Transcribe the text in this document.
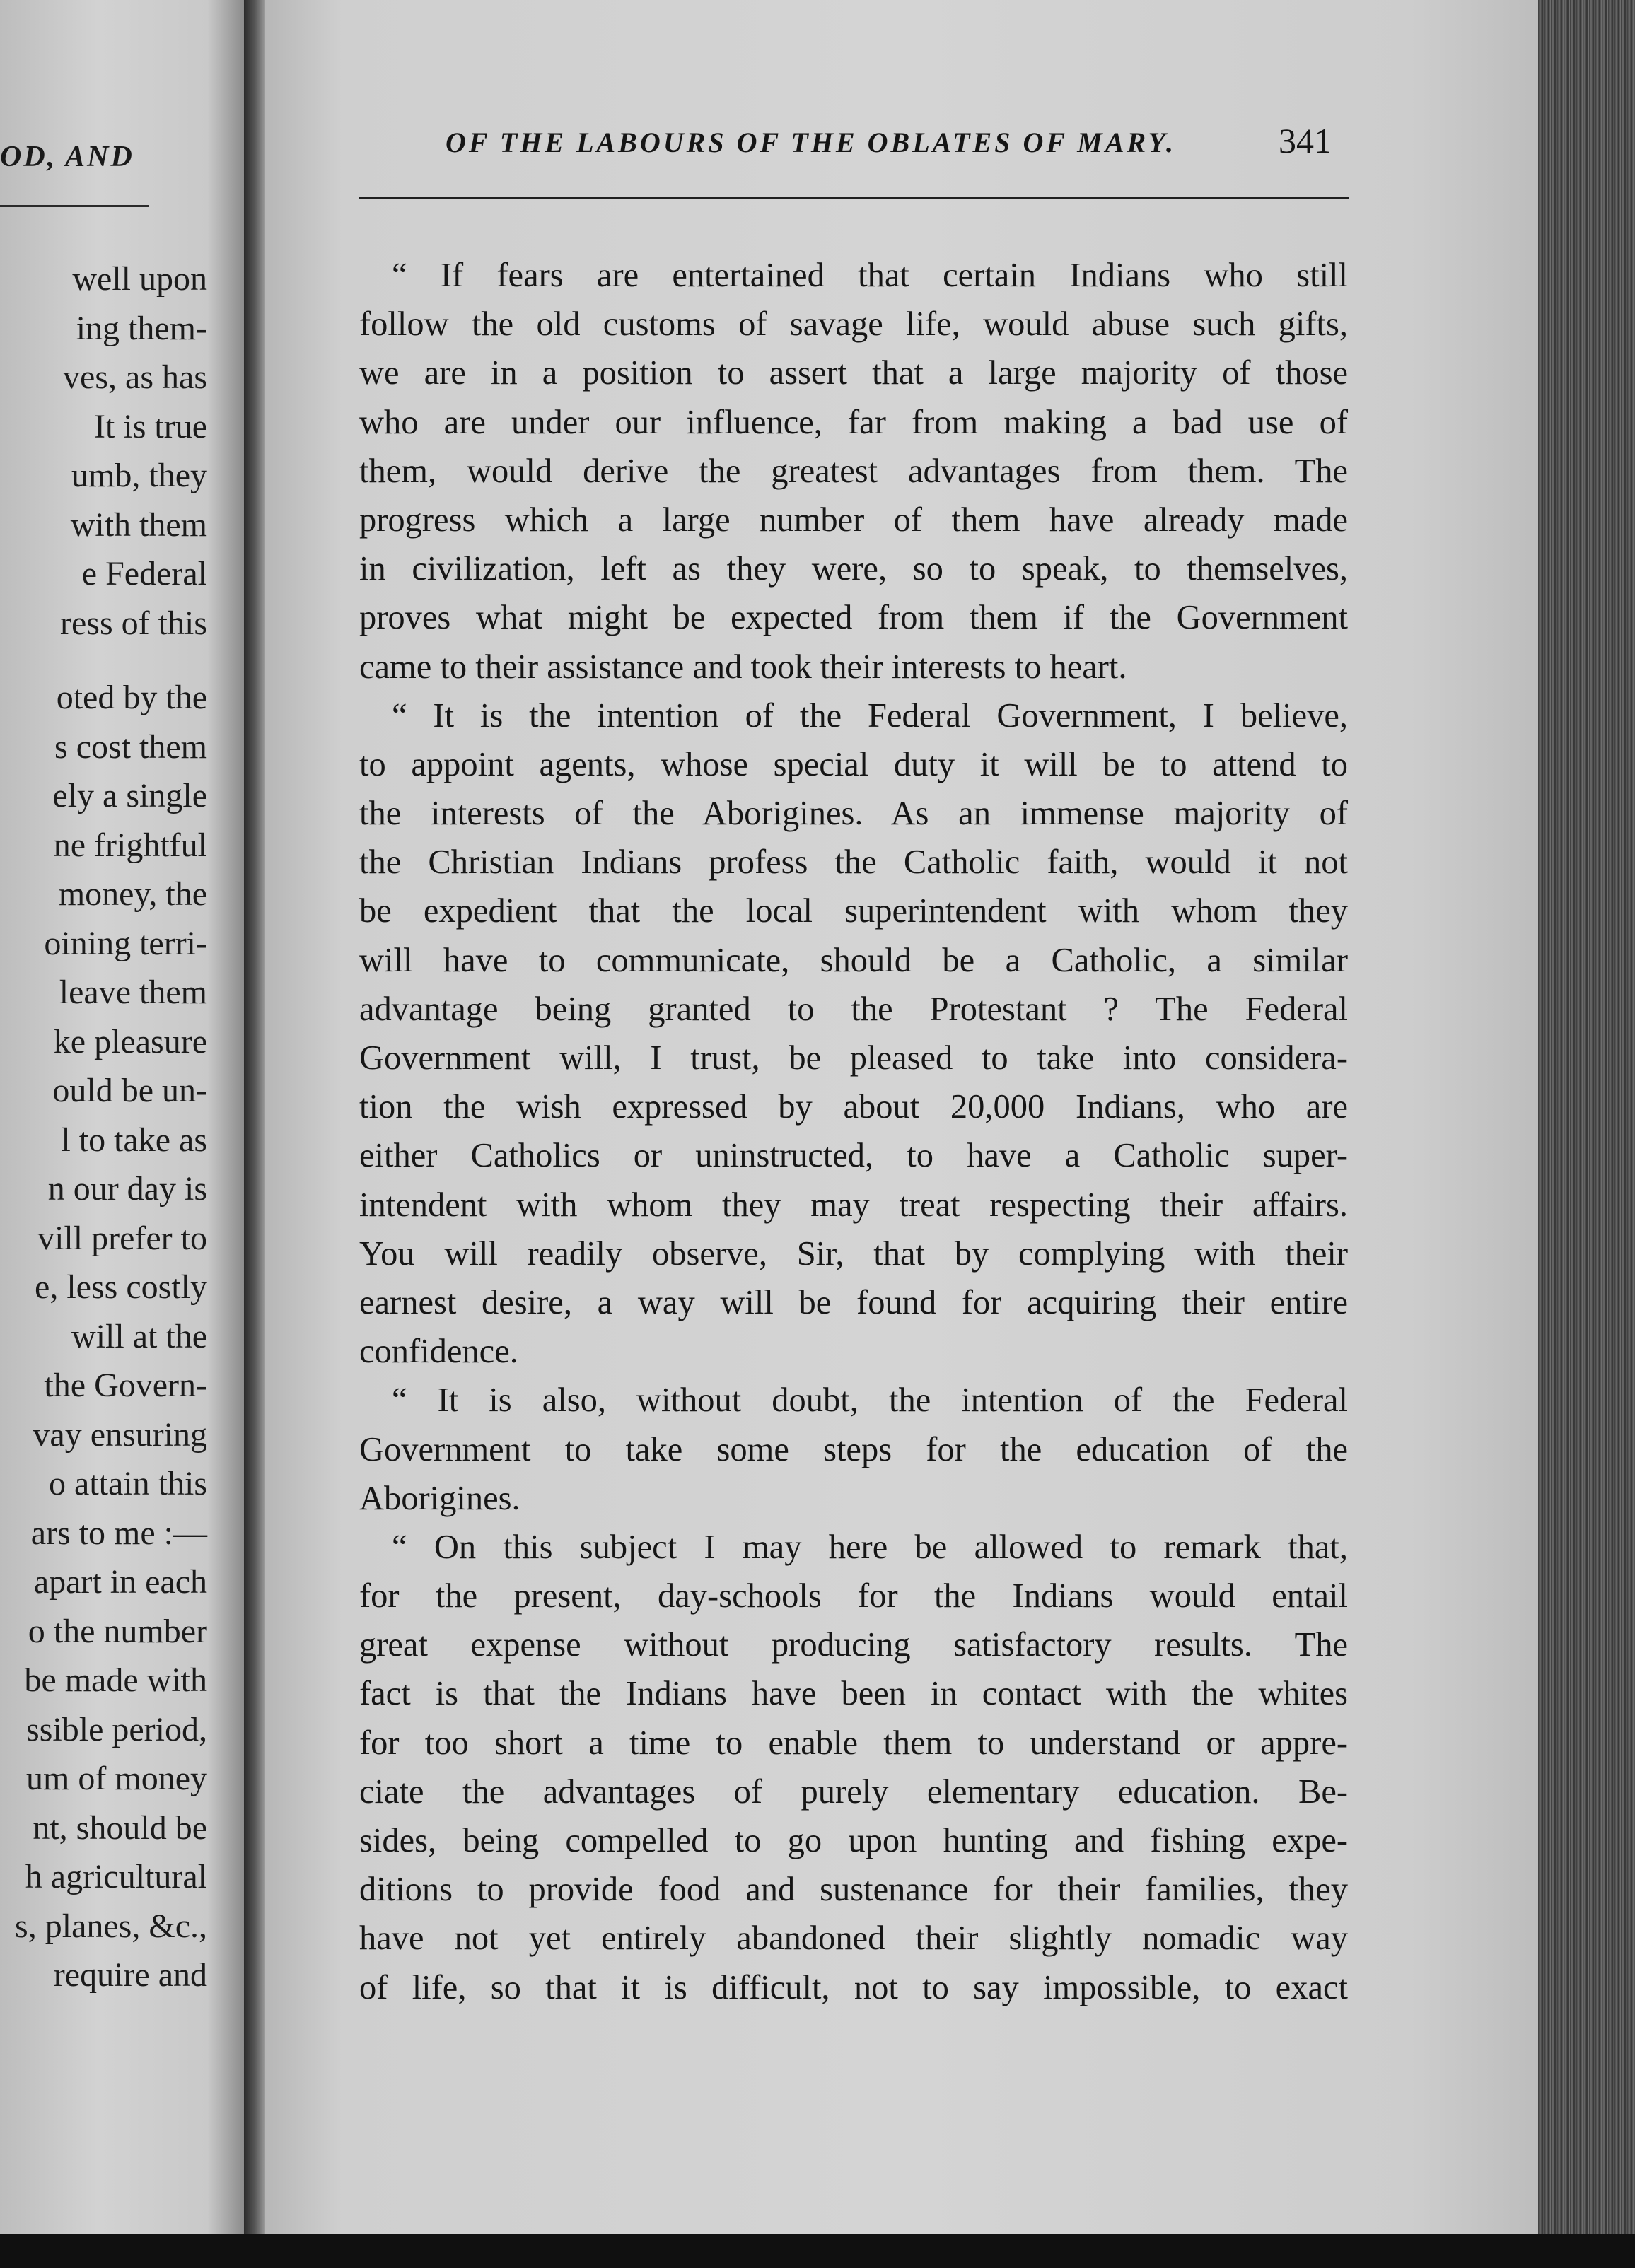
OD, AND
well upon
ing them-
ves, as has
It is true
umb, they
with them
e Federal
ress of this
oted by the
s cost them
ely a single
ne frightful
money, the
oining terri-
leave them
ke pleasure
ould be un-
l to take as
n our day is
vill prefer to
e, less costly
will at the
the Govern-
vay ensuring
o attain this
ars to me :—
apart in each
o the number
be made with
ssible period,
um of money
nt, should be
h agricultural
s, planes, &c.,
require and
OF THE LABOURS OF THE OBLATES OF MARY.	341
“ If fears are entertained that certain Indians who still
follow the old customs of savage life, would abuse such gifts,
we are in a position to assert that a large majority of those
who are under our influence, far from making a bad use of
them, would derive the greatest advantages from them. The
progress which a large number of them have already made
in civilization, left as they were, so to speak, to themselves,
proves what might be expected from them if the Government
came to their assistance and took their interests to heart.
“ It is the intention of the Federal Government, I believe,
to appoint agents, whose special duty it will be to attend to
the interests of the Aborigines. As an immense majority of
the Christian Indians profess the Catholic faith, would it not
be expedient that the local superintendent with whom they
will have to communicate, should be a Catholic, a similar
advantage being granted to the Protestant ? The Federal
Government will, I trust, be pleased to take into considera-
tion the wish expressed by about 20,000 Indians, who are
either Catholics or uninstructed, to have a Catholic super-
intendent with whom they may treat respecting their affairs.
You will readily observe, Sir, that by complying with their
earnest desire, a way will be found for acquiring their entire
confidence.
“ It is also, without doubt, the intention of the Federal
Government to take some steps for the education of the
Aborigines.
“ On this subject I may here be allowed to remark that,
for the present, day-schools for the Indians would entail
great expense without producing satisfactory results. The
fact is that the Indians have been in contact with the whites
for too short a time to enable them to understand or appre-
ciate the advantages of purely elementary education. Be-
sides, being compelled to go upon hunting and fishing expe-
ditions to provide food and sustenance for their families, they
have not yet entirely abandoned their slightly nomadic way
of life, so that it is difficult, not to say impossible, to exact
